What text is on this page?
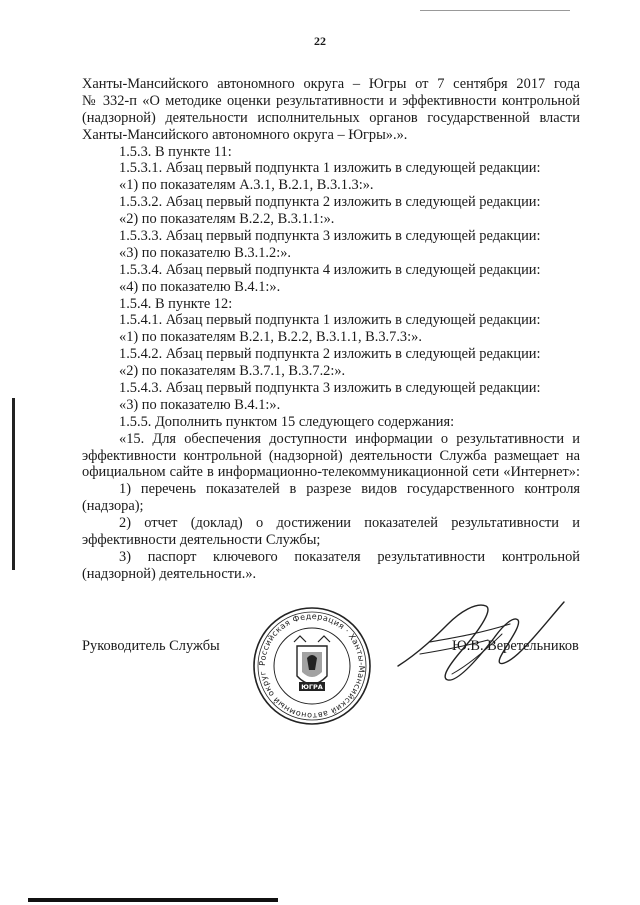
22
Ханты-Мансийского автономного округа – Югры от 7 сентября 2017 года
№ 332-п «О методике оценки результативности и эффективности контрольной
(надзорной) деятельности исполнительных органов государственной власти
Ханты-Мансийского автономного округа – Югры».».
1.5.3. В пункте 11:
1.5.3.1. Абзац первый подпункта 1 изложить в следующей редакции:
«1) по показателям А.3.1, В.2.1, В.3.1.3:».
1.5.3.2. Абзац первый подпункта 2 изложить в следующей редакции:
«2) по показателям В.2.2, В.3.1.1:».
1.5.3.3. Абзац первый подпункта 3 изложить в следующей редакции:
«3) по показателю В.3.1.2:».
1.5.3.4. Абзац первый подпункта 4 изложить в следующей редакции:
«4) по показателю В.4.1:».
1.5.4. В пункте 12:
1.5.4.1. Абзац первый подпункта 1 изложить в следующей редакции:
«1) по показателям В.2.1, В.2.2, В.3.1.1, В.3.7.3:».
1.5.4.2. Абзац первый подпункта 2 изложить в следующей редакции:
«2) по показателям В.3.7.1, В.3.7.2:».
1.5.4.3. Абзац первый подпункта 3 изложить в следующей редакции:
«3) по показателю В.4.1:».
1.5.5. Дополнить пунктом 15 следующего содержания:
«15. Для обеспечения доступности информации о результативности и
эффективности контрольной (надзорной) деятельности Служба размещает на
официальном сайте в информационно-телекоммуникационной сети «Интернет»:
1) перечень показателей в разрезе видов государственного контроля
(надзора);
2) отчет (доклад) о достижении показателей результативности и
эффективности деятельности Службы;
3) паспорт ключевого показателя результативности контрольной
(надзорной) деятельности.».
Руководитель Службы
Российская Федерация · Ханты-Мансийский автономный округ
ЮГРА
Ю.В. Веретельников
